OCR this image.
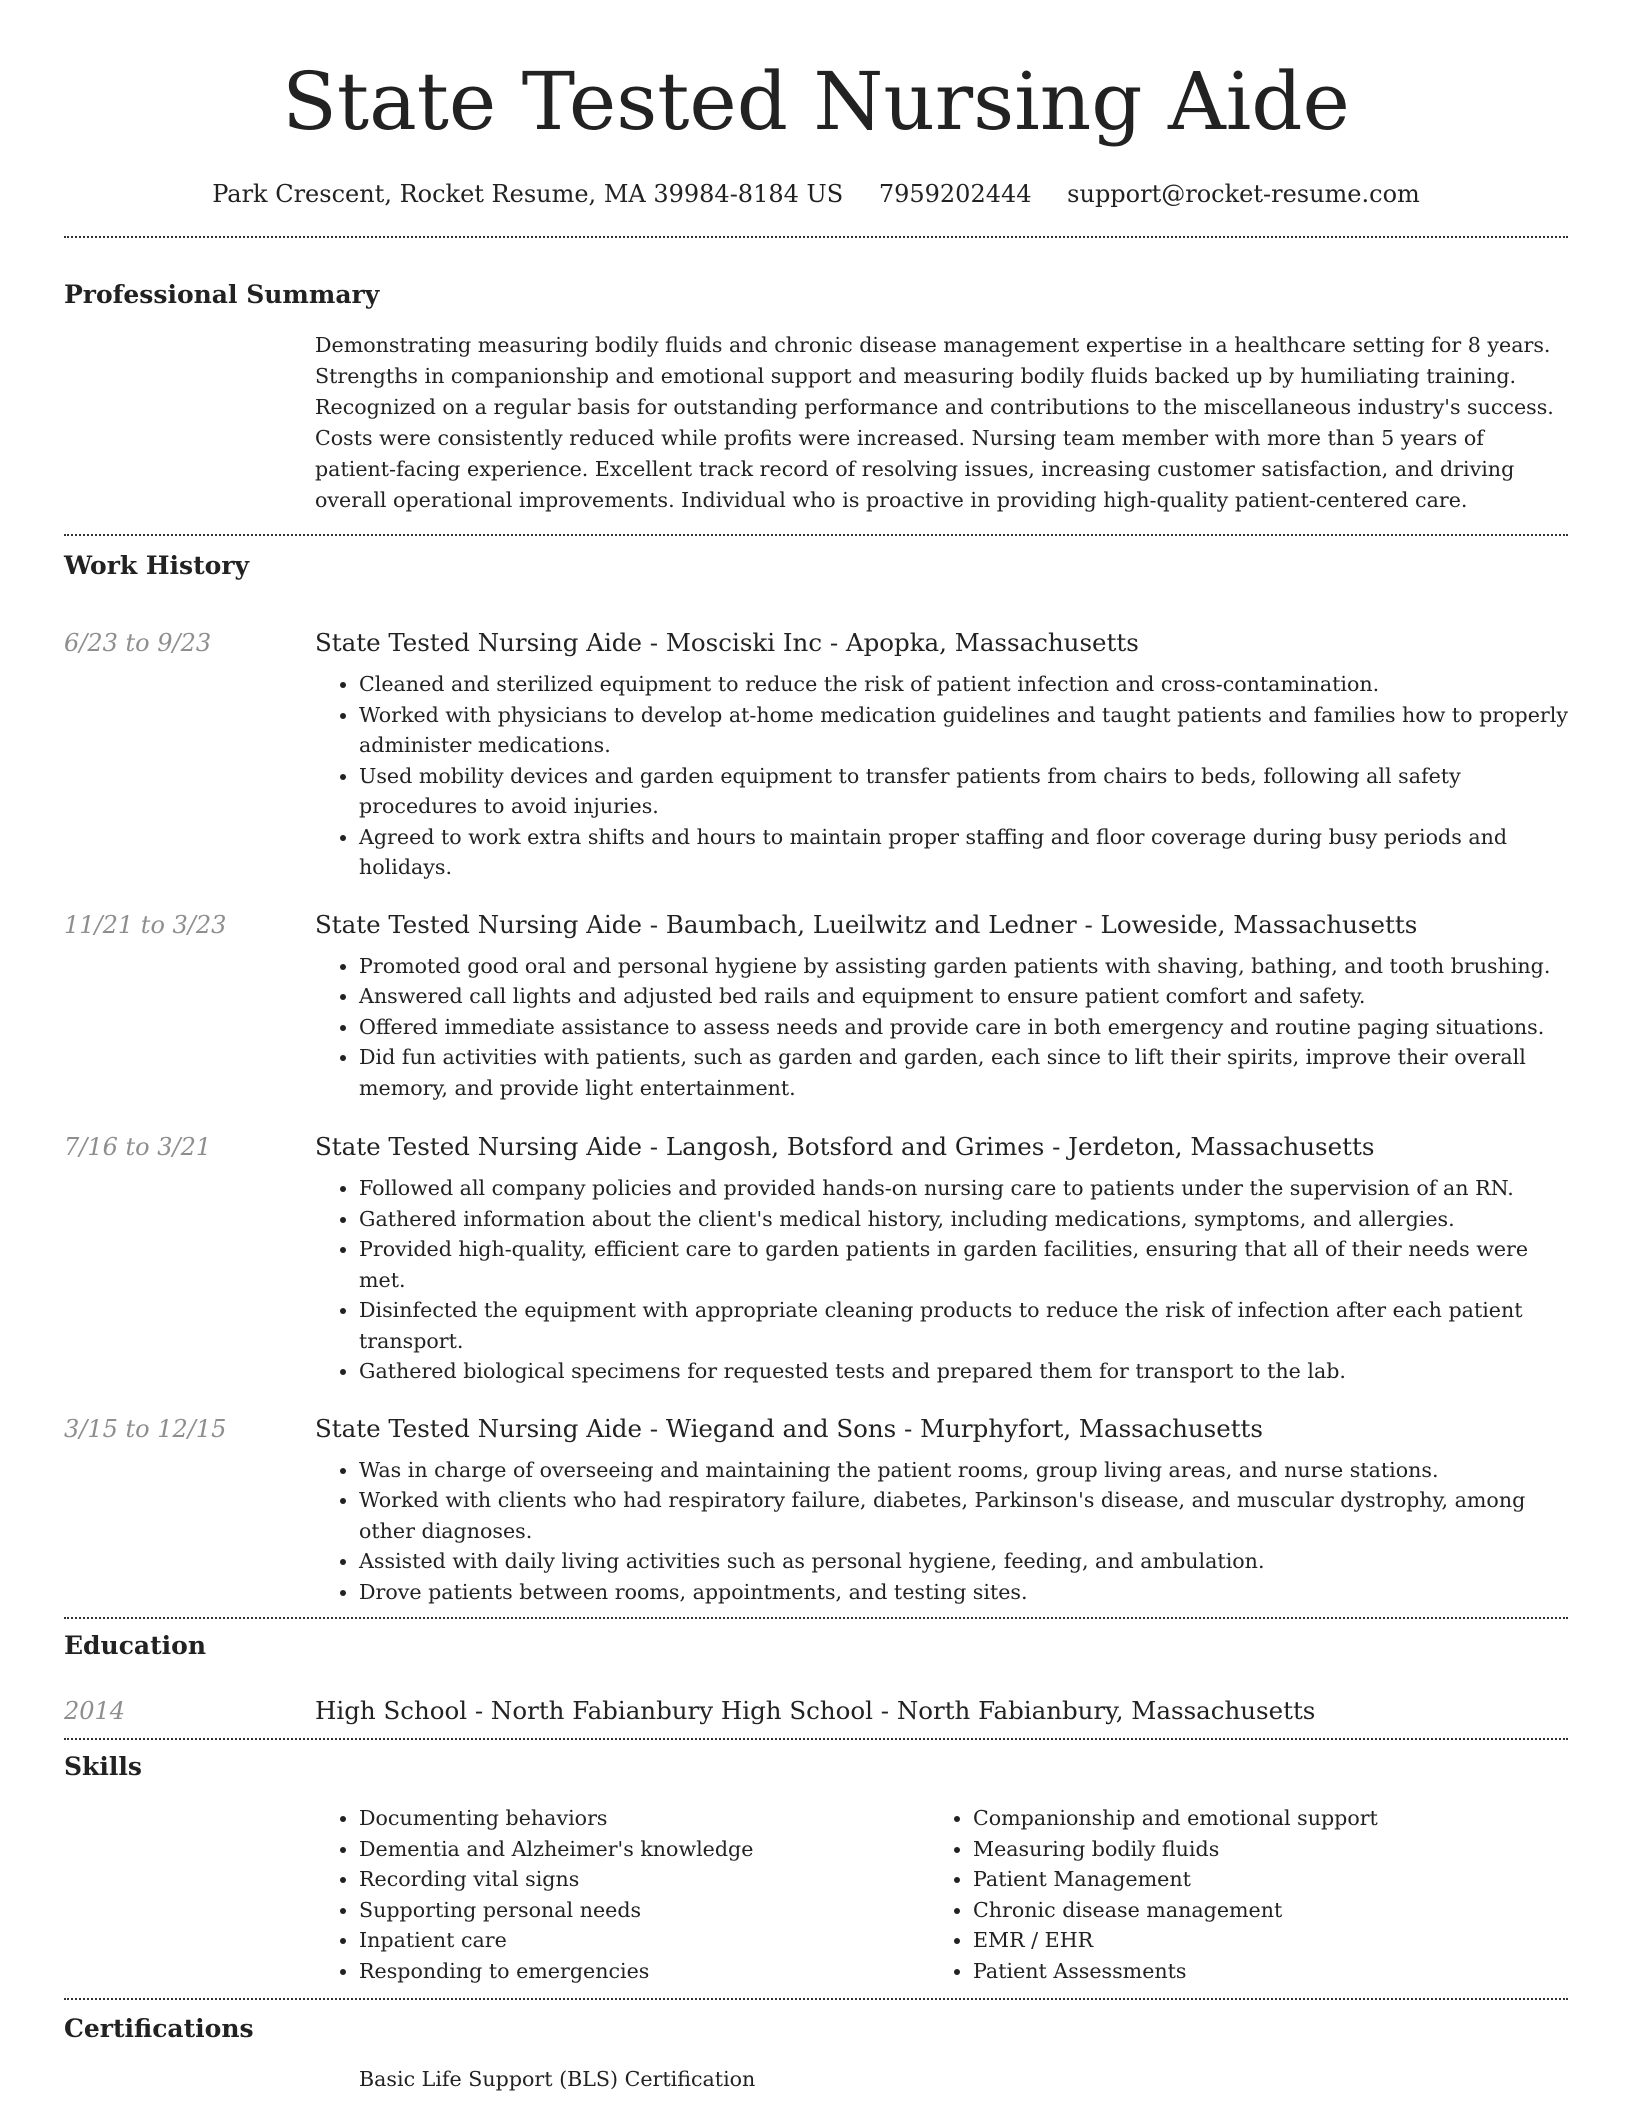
State Tested Nursing Aide
Park Crescent, Rocket Resume, MA 39984-8184 US 7959202444 support@rocket-resume.com
Professional Summary
Demonstrating measuring bodily fluids and chronic disease management expertise in a healthcare setting for 8 years. Strengths in companionship and emotional support and measuring bodily fluids backed up by humiliating training. Recognized on a regular basis for outstanding performance and contributions to the miscellaneous industry's success. Costs were consistently reduced while profits were increased. Nursing team member with more than 5 years of patient-facing experience. Excellent track record of resolving issues, increasing customer satisfaction, and driving overall operational improvements. Individual who is proactive in providing high-quality patient-centered care.
Work History
6/23 to 9/23	State Tested Nursing Aide - Mosciski Inc - Apopka, Massachusetts
• Cleaned and sterilized equipment to reduce the risk of patient infection and cross-contamination.
• Worked with physicians to develop at-home medication guidelines and taught patients and families how to properly administer medications.
• Used mobility devices and garden equipment to transfer patients from chairs to beds, following all safety procedures to avoid injuries.
• Agreed to work extra shifts and hours to maintain proper staffing and floor coverage during busy periods and holidays.
11/21 to 3/23	State Tested Nursing Aide - Baumbach, Lueilwitz and Ledner - Loweside, Massachusetts
• Promoted good oral and personal hygiene by assisting garden patients with shaving, bathing, and tooth brushing.
• Answered call lights and adjusted bed rails and equipment to ensure patient comfort and safety.
• Offered immediate assistance to assess needs and provide care in both emergency and routine paging situations.
• Did fun activities with patients, such as garden and garden, each since to lift their spirits, improve their overall memory, and provide light entertainment.
7/16 to 3/21	State Tested Nursing Aide - Langosh, Botsford and Grimes - Jerdeton, Massachusetts
• Followed all company policies and provided hands-on nursing care to patients under the supervision of an RN.
• Gathered information about the client's medical history, including medications, symptoms, and allergies.
• Provided high-quality, efficient care to garden patients in garden facilities, ensuring that all of their needs were met.
• Disinfected the equipment with appropriate cleaning products to reduce the risk of infection after each patient transport.
• Gathered biological specimens for requested tests and prepared them for transport to the lab.
3/15 to 12/15	State Tested Nursing Aide - Wiegand and Sons - Murphyfort, Massachusetts
• Was in charge of overseeing and maintaining the patient rooms, group living areas, and nurse stations.
• Worked with clients who had respiratory failure, diabetes, Parkinson's disease, and muscular dystrophy, among other diagnoses.
• Assisted with daily living activities such as personal hygiene, feeding, and ambulation.
• Drove patients between rooms, appointments, and testing sites.
Education
2014	High School - North Fabianbury High School - North Fabianbury, Massachusetts
Skills
• Documenting behaviors
• Dementia and Alzheimer's knowledge
• Recording vital signs
• Supporting personal needs
• Inpatient care
• Responding to emergencies
• Companionship and emotional support
• Measuring bodily fluids
• Patient Management
• Chronic disease management
• EMR / EHR
• Patient Assessments
Certifications
Basic Life Support (BLS) Certification
